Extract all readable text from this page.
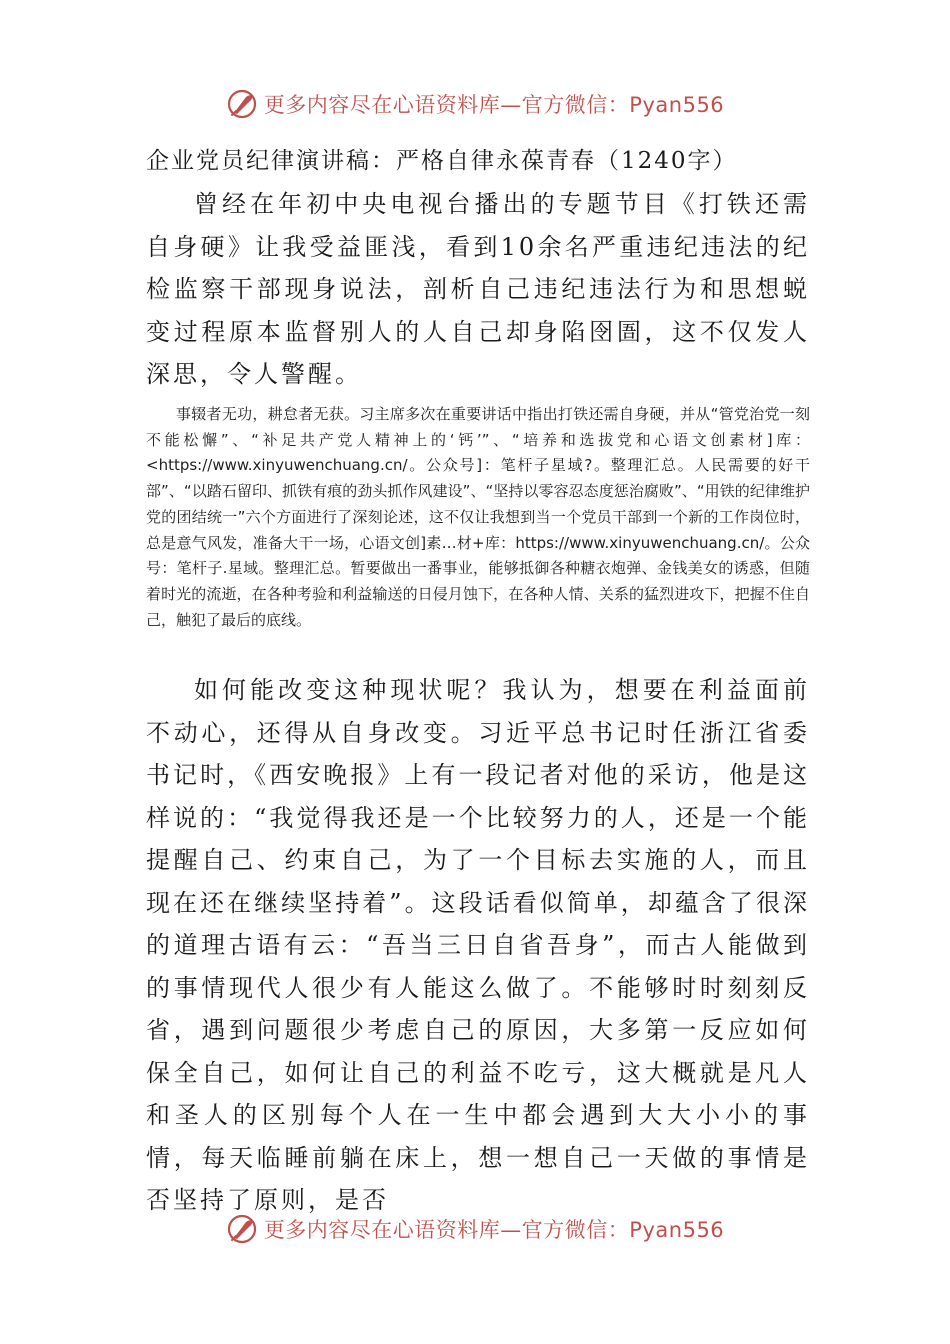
更多内容尽在心语资料库—官方微信：Pyan556
企业党员纪律演讲稿：严格自律永葆青春（1240字）

曾经在年初中央电视台播出的专题节目《打铁还需自身硬》让我受益匪浅，看到10余名严重违纪违法的纪检监察干部现身说法，剖析自己违纪违法行为和思想蜕变过程原本监督别人的人自己却身陷囹圄，这不仅发人深思，令人警醒。

事辍者无功，耕怠者无获。习主席多次在重要讲话中指出打铁还需自身硬，并从“管党治党一刻不能松懈”、“补足共产党人精神上的‘钙’”、“培养和选拔党和心语文创素材]库：<https://www.xinyuwenchuang.cn/。公众号]：笔杆子星域?。整理汇总。人民需要的好干部”、“以踏石留印、抓铁有痕的劲头抓作风建设”、“坚持以零容忍态度惩治腐败”、“用铁的纪律维护党的团结统一”六个方面进行了深刻论述，这不仅让我想到当一个党员干部到一个新的工作岗位时，总是意气风发，准备大干一场，心语文创]素…材+库：https://www.xinyuwenchuang.cn/。公众号：笔杆子.星域。整理汇总。暂要做出一番事业，能够抵御各种糖衣炮弹、金钱美女的诱惑，但随着时光的流逝，在各种考验和利益输送的日侵月蚀下，在各种人情、关系的猛烈进攻下，把握不住自己，触犯了最后的底线。

如何能改变这种现状呢？我认为，想要在利益面前不动心，还得从自身改变。习近平总书记时任浙江省委书记时，《西安晚报》上有一段记者对他的采访，他是这样说的：“我觉得我还是一个比较努力的人，还是一个能提醒自己、约束自己，为了一个目标去实施的人，而且现在还在继续坚持着”。这段话看似简单，却蕴含了很深的道理古语有云：“吾当三日自省吾身”，而古人能做到的事情现代人很少有人能这么做了。不能够时时刻刻反省，遇到问题很少考虑自己的原因，大多第一反应如何保全自己，如何让自己的利益不吃亏，这大概就是凡人和圣人的区别每个人在一生中都会遇到大大小小的事情，每天临睡前躺在床上，想一想自己一天做的事情是否坚持了原则，是否

更多内容尽在心语资料库—官方微信：Pyan556
